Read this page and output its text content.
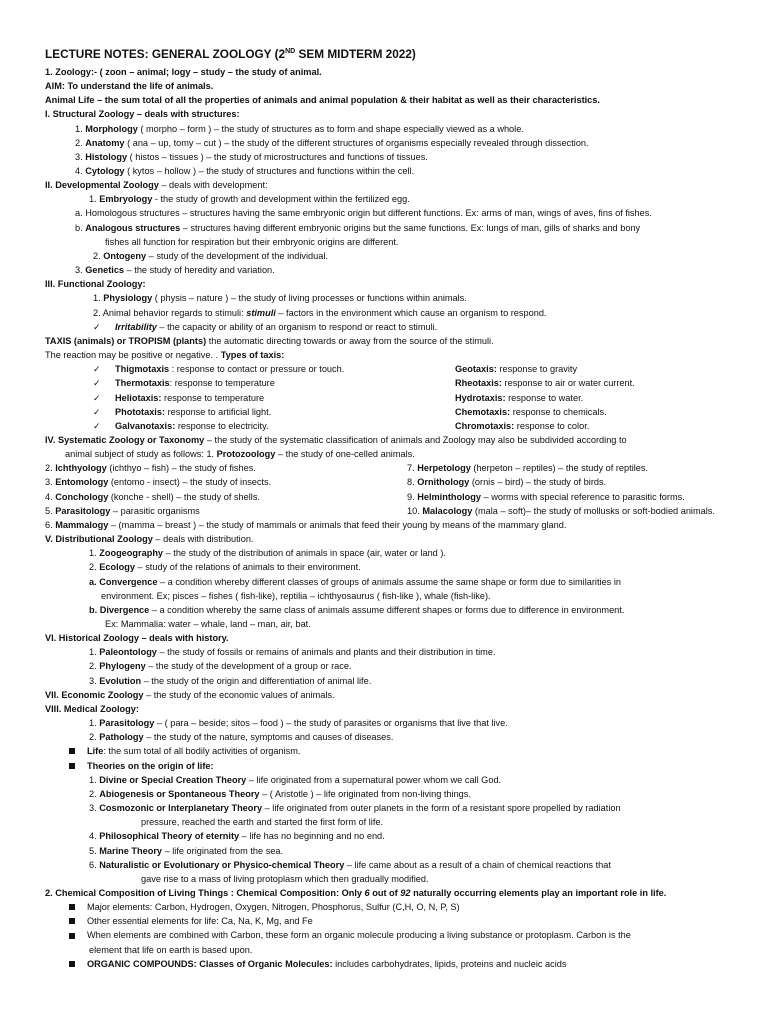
LECTURE NOTES: GENERAL ZOOLOGY (2ND SEM MIDTERM 2022)
1. Zoology:- ( zoon – animal; logy – study – the study of animal.
AIM: To understand the life of animals.
Animal Life – the sum total of all the properties of animals and animal population & their habitat as well as their characteristics.
I. Structural Zoology – deals with structures:
1. Morphology ( morpho – form ) – the study of structures as to form and shape especially viewed as a whole.
2. Anatomy ( ana – up, tomy – cut ) – the study of the different structures of organisms especially revealed through dissection.
3. Histology ( histos – tissues ) – the study of microstructures and functions of tissues.
4. Cytology ( kytos – hollow ) – the study of structures and functions within the cell.
II. Developmental Zoology – deals with development:
1. Embryology - the study of growth and development within the fertilized egg.
a. Homologous structures – structures having the same embryonic origin but different functions. Ex: arms of man, wings of aves, fins of fishes.
b. Analogous structures – structures having different embryonic origins but the same functions. Ex: lungs of man, gills of sharks and bony
fishes all function for respiration but their embryonic origins are different.
2. Ontogeny – study of the development of the individual.
3. Genetics – the study of heredity and variation.
III. Functional Zoology:
1. Physiology ( physis – nature ) – the study of living processes or functions within animals.
2. Animal behavior regards to stimuli: stimuli – factors in the environment which cause an organism to respond.
✓ Irritability – the capacity or ability of an organism to respond or react to stimuli.
TAXIS (animals) or TROPISM (plants) the automatic directing towards or away from the source of the stimuli.
The reaction may be positive or negative. . Types of taxis:
✓ Thigmotaxis : response to contact or pressure or touch.	Geotaxis: response to gravity
✓ Thermotaxis: response to temperature	Rheotaxis: response to air or water current.
✓ Heliotaxis: response to temperature	Hydrotaxis: response to water.
✓ Phototaxis: response to artificial light.	Chemotaxis: response to chemicals.
✓ Galvanotaxis: response to electricity.	Chromotaxis: response to color.
IV. Systematic Zoology or Taxonomy – the study of the systematic classification of animals and Zoology may also be subdivided according to
animal subject of study as follows: 1. Protozoology – the study of one-celled animals.
2. Ichthyology (ichthyo – fish) – the study of fishes.	7. Herpetology (herpeton – reptiles) – the study of reptiles.
3. Entomology (entomo - insect) – the study of insects.	8. Ornithology (ornis – bird) – the study of birds.
4. Conchology (konche - shell) – the study of shells.	9. Helminthology – worms with special reference to parasitic forms.
5. Parasitology – parasitic organisms	10. Malacology (mala – soft)– the study of mollusks or soft-bodied animals.
6. Mammalogy – (mamma – breast ) – the study of mammals or animals that feed their young by means of the mammary gland.
V. Distributional Zoology – deals with distribution.
1. Zoogeography – the study of the distribution of animals in space (air, water or land ).
2. Ecology – study of the relations of animals to their environment.
a. Convergence – a condition whereby different classes of groups of animals assume the same shape or form due to similarities in
environment. Ex; pisces – fishes ( fish-like), reptilia – ichthyosaurus ( fish-like ), whale (fish-like).
b. Divergence – a condition whereby the same class of animals assume different shapes or forms due to difference in environment.
Ex: Mammalia: water – whale, land – man, air, bat.
VI. Historical Zoology – deals with history.
1. Paleontology – the study of fossils or remains of animals and plants and their distribution in time.
2. Phylogeny – the study of the development of a group or race.
3. Evolution – the study of the origin and differentiation of animal life.
VII. Economic Zoology – the study of the economic values of animals.
VIII. Medical Zoology:
1. Parasitology – ( para – beside; sitos – food ) – the study of parasites or organisms that live that live.
2. Pathology – the study of the nature, symptoms and causes of diseases.
Life: the sum total of all bodily activities of organism.
Theories on the origin of life:
1. Divine or Special Creation Theory – life originated from a supernatural power whom we call God.
2. Abiogenesis or Spontaneous Theory – ( Aristotle ) – life originated from non-living things.
3. Cosmozonic or Interplanetary Theory – life originated from outer planets in the form of a resistant spore propelled by radiation
pressure, reached the earth and started the first form of life.
4. Philosophical Theory of eternity – life has no beginning and no end.
5. Marine Theory – life originated from the sea.
6. Naturalistic or Evolutionary or Physico-chemical Theory – life came about as a result of a chain of chemical reactions that
gave rise to a mass of living protoplasm which then gradually modified.
2. Chemical Composition of Living Things : Chemical Composition: Only 6 out of 92 naturally occurring elements play an important role in life.
Major elements: Carbon, Hydrogen, Oxygen, Nitrogen, Phosphorus, Sulfur (C,H, O, N, P, S)
Other essential elements for life: Ca, Na, K, Mg, and Fe
When elements are combined with Carbon, these form an organic molecule producing a living substance or protoplasm. Carbon is the
element that life on earth is based upon.
ORGANIC COMPOUNDS: Classes of Organic Molecules: includes carbohydrates, lipids, proteins and nucleic acids
